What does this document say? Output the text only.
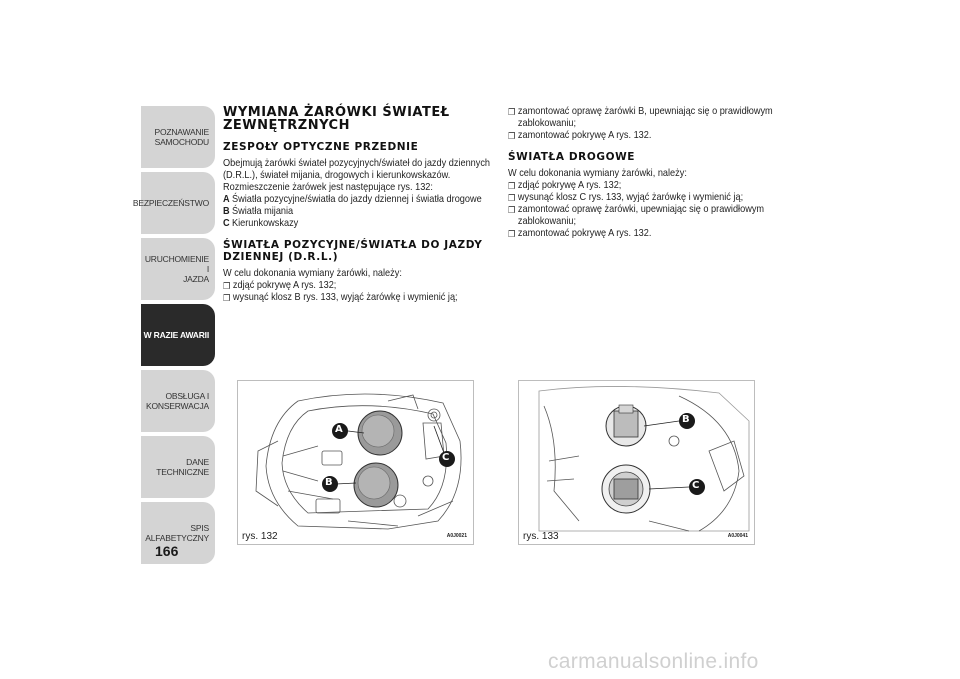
POZNAWANIE
SAMOCHODU
BEZPIECZEŃSTWO
URUCHOMIENIE I
JAZDA
W RAZIE AWARII
OBSŁUGA I
KONSERWACJA
DANE TECHNICZNE
SPIS ALFABETYCZNY
166
WYMIANA ŻARÓWKI ŚWIATEŁ ZEWNĘTRZNYCH
ZESPOŁY OPTYCZNE PRZEDNIE

Obejmują żarówki świateł pozycyjnych/świateł do jazdy dziennych (D.R.L.), świateł mijania, drogowych i kierunkowskazów. Rozmieszczenie żarówek jest następujące rys. 132:

A Światła pozycyjne/światła do jazdy dziennej i światła drogowe
B Światła mijania
C Kierunkowskazy
ŚWIATŁA POZYCYJNE/ŚWIATŁA DO JAZDY DZIENNEJ (D.R.L.)

W celu dokonania wymiany żarówki, należy:

❒ zdjąć pokrywę A rys. 132;
❒ wysunąć klosz B rys. 133, wyjąć żarówkę i wymienić ją;
❒ zamontować oprawę żarówki B, upewniając się o prawidłowym zablokowaniu;
❒ zamontować pokrywę A rys. 132.
ŚWIATŁA DROGOWE

W celu dokonania wymiany żarówki, należy:

❒ zdjąć pokrywę A rys. 132;
❒ wysunąć klosz C rys. 133, wyjąć żarówkę i wymienić ją;
❒ zamontować oprawę żarówki, upewniając się o prawidłowym zablokowaniu;
❒ zamontować pokrywę A rys. 132.
A
B
C
rys. 132	A0J0021
B
C
rys. 133	A0J0041
carmanualsonline.info
